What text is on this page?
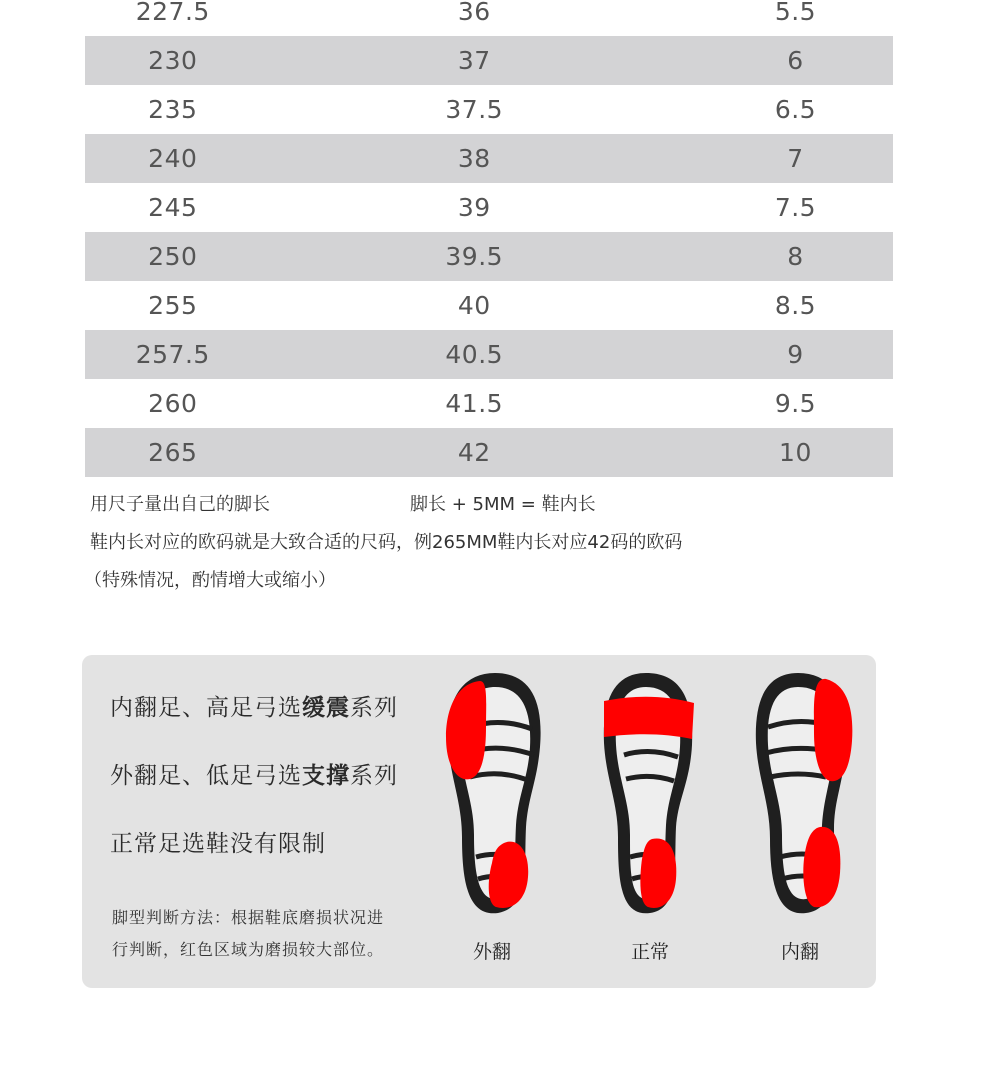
227.5	36	5.5
230	37	6
235	37.5	6.5
240	38	7
245	39	7.5
250	39.5	8
255	40	8.5
257.5	40.5	9
260	41.5	9.5
265	42	10
用尺子量出自己的脚长	脚长 + 5MM = 鞋内长
鞋内长对应的欧码就是大致合适的尺码，例265MM鞋内长对应42码的欧码
（特殊情况，酌情增大或缩小）
内翻足、高足弓选缓震系列
外翻足、低足弓选支撑系列
正常足选鞋没有限制
脚型判断方法：根据鞋底磨损状况进
行判断，红色区域为磨损较大部位。	外翻	正常	内翻
